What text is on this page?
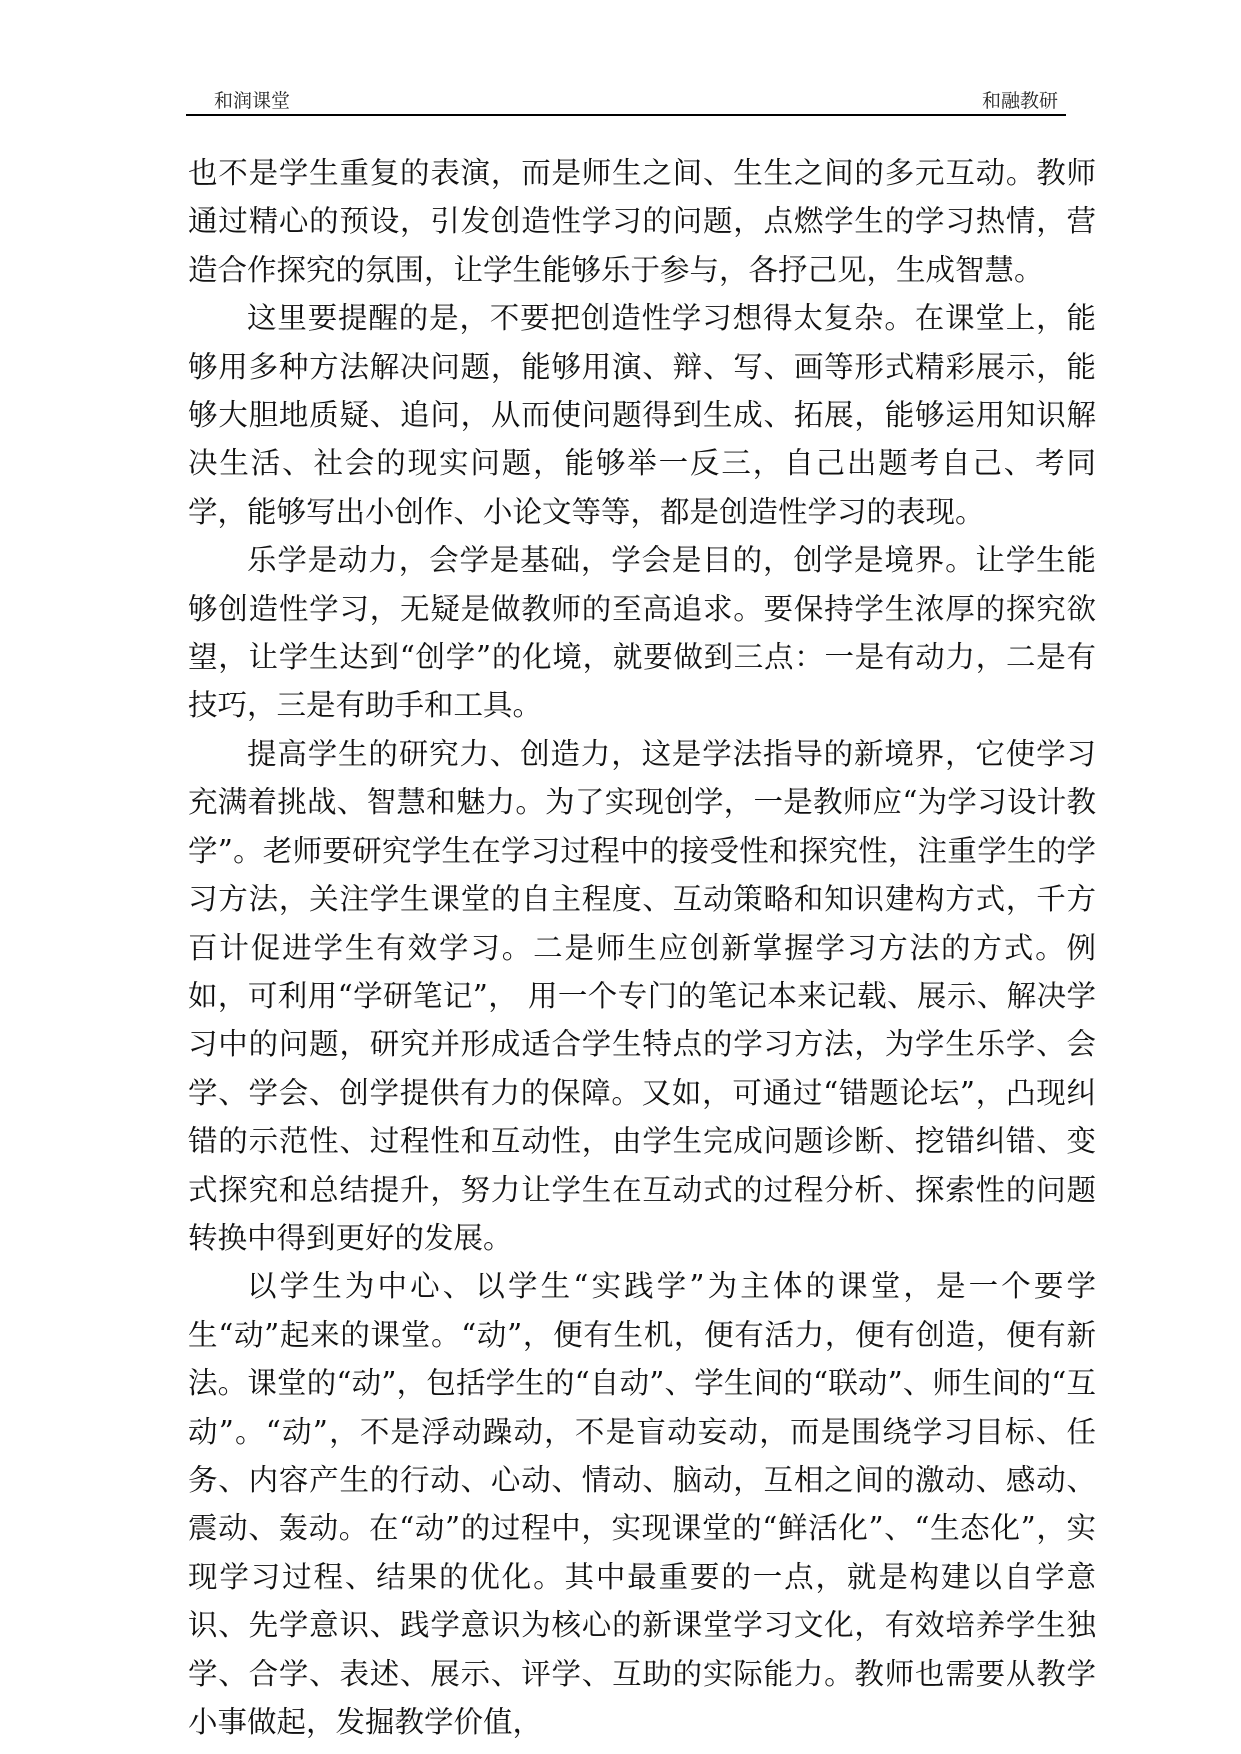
和润课堂	和融教研

也不是学生重复的表演，而是师生之间、生生之间的多元互动。教师通过精心的预设，引发创造性学习的问题，点燃学生的学习热情，营造合作探究的氛围，让学生能够乐于参与，各抒己见，生成智慧。

这里要提醒的是，不要把创造性学习想得太复杂。在课堂上，能够用多种方法解决问题，能够用演、辩、写、画等形式精彩展示，能够大胆地质疑、追问，从而使问题得到生成、拓展，能够运用知识解决生活、社会的现实问题，能够举一反三，自己出题考自己、考同学，能够写出小创作、小论文等等，都是创造性学习的表现。

乐学是动力，会学是基础，学会是目的，创学是境界。让学生能够创造性学习，无疑是做教师的至高追求。要保持学生浓厚的探究欲望，让学生达到“创学”的化境，就要做到三点：一是有动力，二是有技巧，三是有助手和工具。

提高学生的研究力、创造力，这是学法指导的新境界，它使学习充满着挑战、智慧和魅力。为了实现创学，一是教师应“为学习设计教学”。老师要研究学生在学习过程中的接受性和探究性，注重学生的学习方法，关注学生课堂的自主程度、互动策略和知识建构方式，千方百计促进学生有效学习。二是师生应创新掌握学习方法的方式。例如，可利用“学研笔记”， 用一个专门的笔记本来记载、展示、解决学习中的问题，研究并形成适合学生特点的学习方法，为学生乐学、会学、学会、创学提供有力的保障。又如，可通过“错题论坛”，凸现纠错的示范性、过程性和互动性，由学生完成问题诊断、挖错纠错、变式探究和总结提升，努力让学生在互动式的过程分析、探索性的问题转换中得到更好的发展。

以学生为中心、以学生“实践学”为主体的课堂，是一个要学生“动”起来的课堂。“动”，便有生机，便有活力，便有创造，便有新法。课堂的“动”，包括学生的“自动”、学生间的“联动”、师生间的“互动”。“动”，不是浮动躁动，不是盲动妄动，而是围绕学习目标、任务、内容产生的行动、心动、情动、脑动，互相之间的激动、感动、震动、轰动。在“动”的过程中，实现课堂的“鲜活化”、“生态化”，实现学习过程、结果的优化。其中最重要的一点，就是构建以自学意识、先学意识、践学意识为核心的新课堂学习文化，有效培养学生独学、合学、表述、展示、评学、互助的实际能力。教师也需要从教学小事做起，发掘教学价值，
